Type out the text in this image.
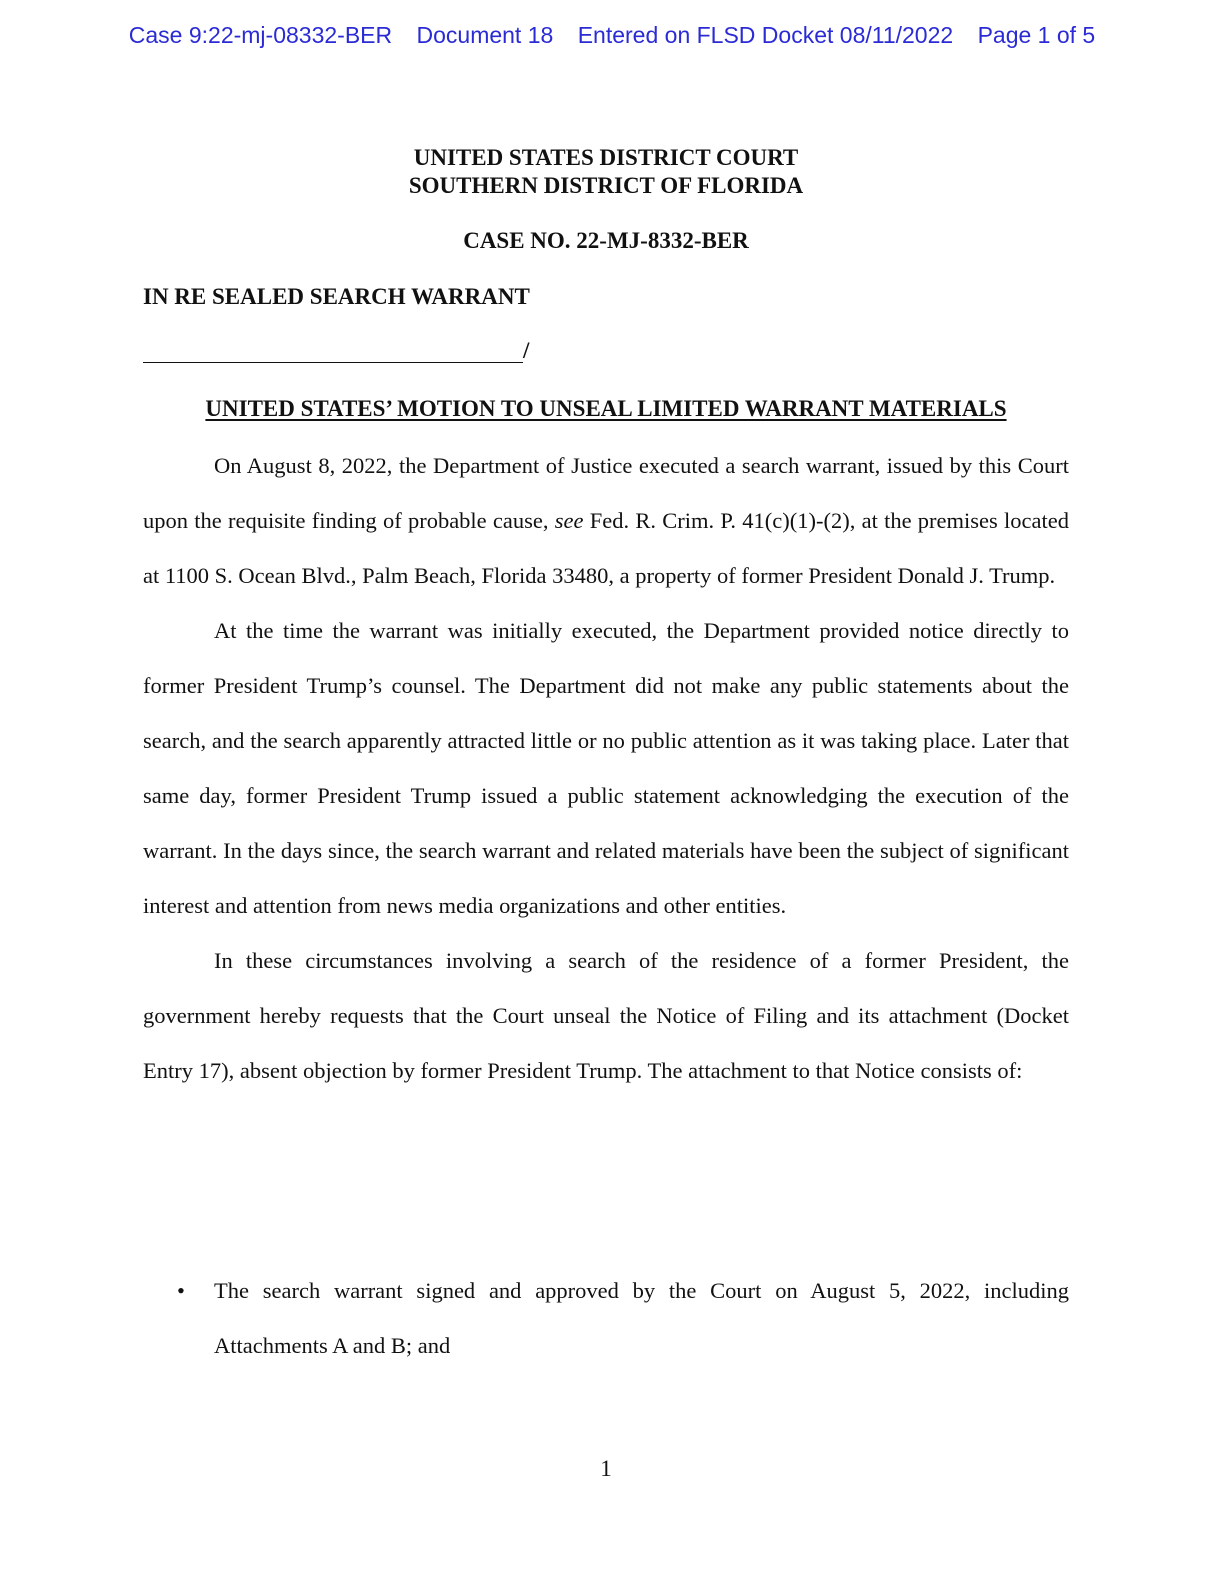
Case 9:22-mj-08332-BER Document 18 Entered on FLSD Docket 08/11/2022 Page 1 of 5
UNITED STATES DISTRICT COURT
SOUTHERN DISTRICT OF FLORIDA
CASE NO. 22-MJ-8332-BER
IN RE SEALED SEARCH WARRANT
/
UNITED STATES’ MOTION TO UNSEAL LIMITED WARRANT MATERIALS

On August 8, 2022, the Department of Justice executed a search warrant, issued by this Court upon the requisite finding of probable cause, see Fed. R. Crim. P. 41(c)(1)-(2), at the premises located at 1100 S. Ocean Blvd., Palm Beach, Florida 33480, a property of former President Donald J. Trump.

At the time the warrant was initially executed, the Department provided notice directly to former President Trump’s counsel. The Department did not make any public statements about the search, and the search apparently attracted little or no public attention as it was taking place. Later that same day, former President Trump issued a public statement acknowledging the execution of the warrant. In the days since, the search warrant and related materials have been the subject of significant interest and attention from news media organizations and other entities.

In these circumstances involving a search of the residence of a former President, the government hereby requests that the Court unseal the Notice of Filing and its attachment (Docket Entry 17), absent objection by former President Trump. The attachment to that Notice consists of:

• The search warrant signed and approved by the Court on August 5, 2022, including Attachments A and B; and
1
